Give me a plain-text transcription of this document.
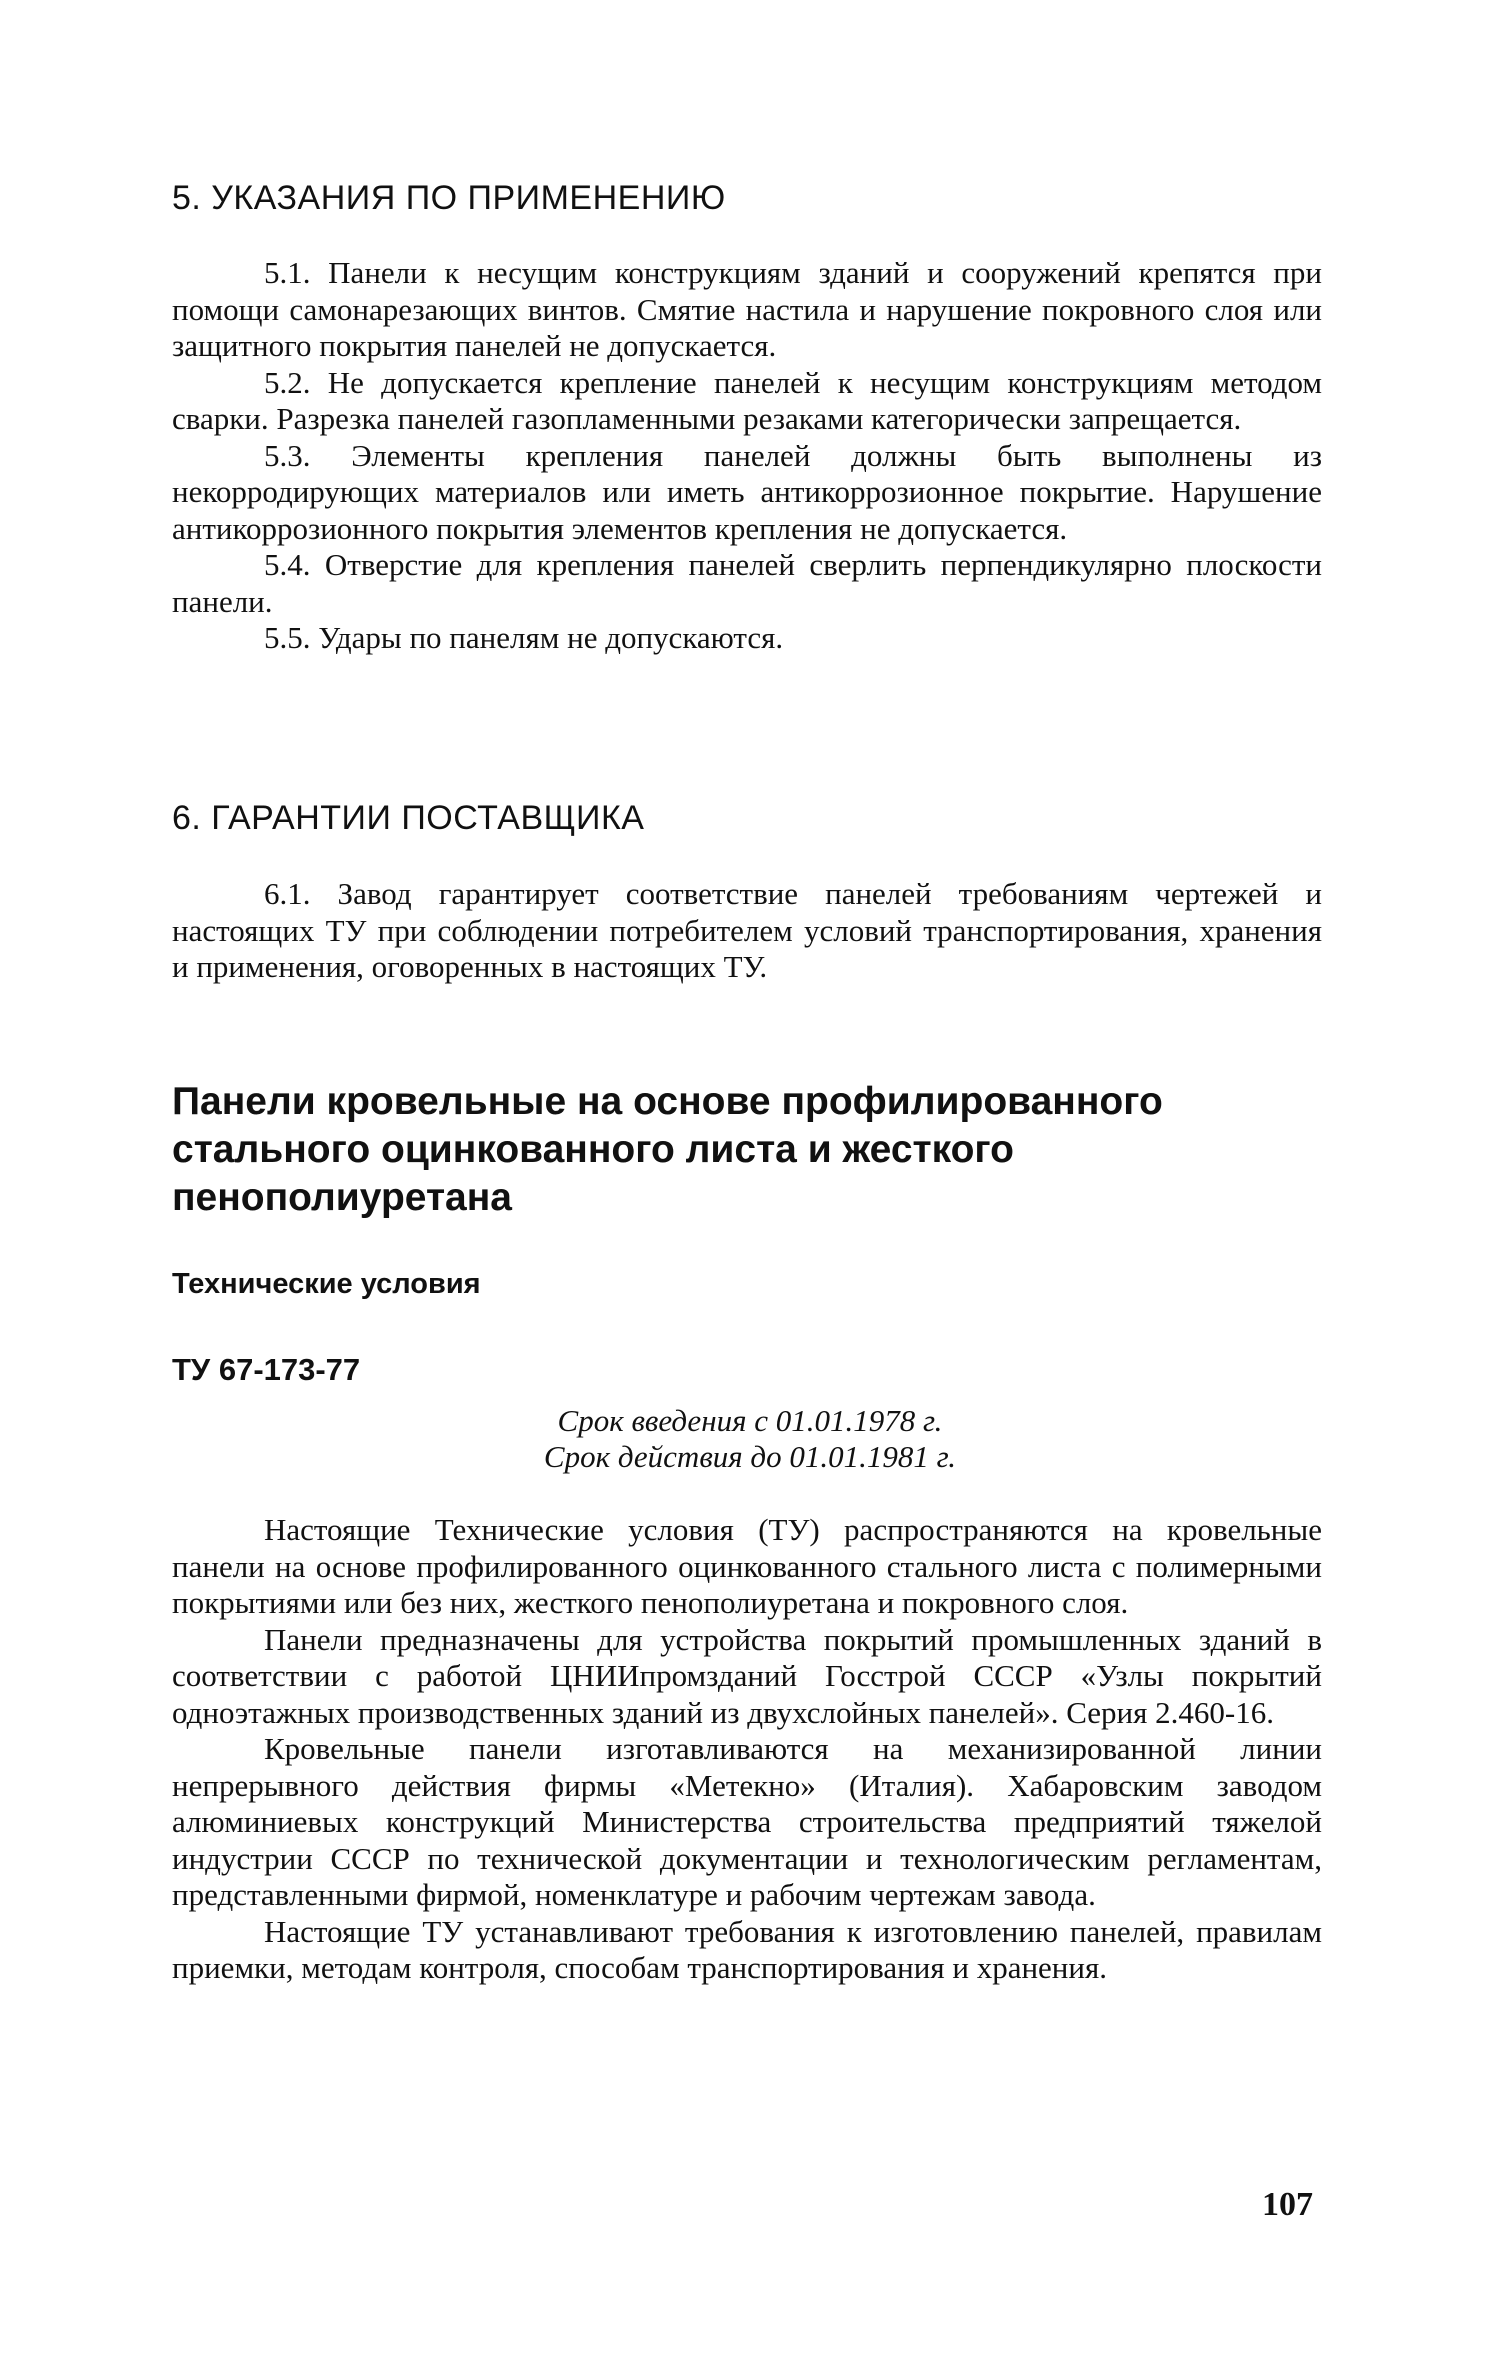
5. УКАЗАНИЯ ПО ПРИМЕНЕНИЮ

5.1. Панели к несущим конструкциям зданий и сооружений крепятся при помощи самонарезающих винтов. Смятие настила и нарушение покровного слоя или защитного покрытия панелей не допускается.

5.2. Не допускается крепление панелей к несущим конструкциям методом сварки. Разрезка панелей газопламенными резаками категорически запрещается.

5.3. Элементы крепления панелей должны быть выполнены из некорродирующих материалов или иметь антикоррозионное покрытие. Нарушение антикоррозионного покрытия элементов крепления не допускается.

5.4. Отверстие для крепления панелей сверлить перпендикулярно плоскости панели.

5.5. Удары по панелям не допускаются.

6. ГАРАНТИИ ПОСТАВЩИКА

6.1. Завод гарантирует соответствие панелей требованиям чертежей и настоящих ТУ при соблюдении потребителем условий транспортирования, хранения и применения, оговоренных в настоящих ТУ.

Панели кровельные на основе профилированного стального оцинкованного листа и жесткого пенополиуретана
Технические условия
ТУ 67-173-77
Срок введения с 01.01.1978 г.
Срок действия до 01.01.1981 г.

Настоящие Технические условия (ТУ) распространяются на кровельные панели на основе профилированного оцинкованного стального листа с полимерными покрытиями или без них, жесткого пенополиуретана и покровного слоя.

Панели предназначены для устройства покрытий промышленных зданий в соответствии с работой ЦНИИпромзданий Госстрой СССР «Узлы покрытий одноэтажных производственных зданий из двухслойных панелей». Серия 2.460-16.

Кровельные панели изготавливаются на механизированной линии непрерывного действия фирмы «Метекно» (Италия). Хабаровским заводом алюминиевых конструкций Министерства строительства предприятий тяжелой индустрии СССР по технической документации и технологическим регламентам, представленными фирмой, номенклатуре и рабочим чертежам завода.

Настоящие ТУ устанавливают требования к изготовлению панелей, правилам приемки, методам контроля, способам транспортирования и хранения.

107
